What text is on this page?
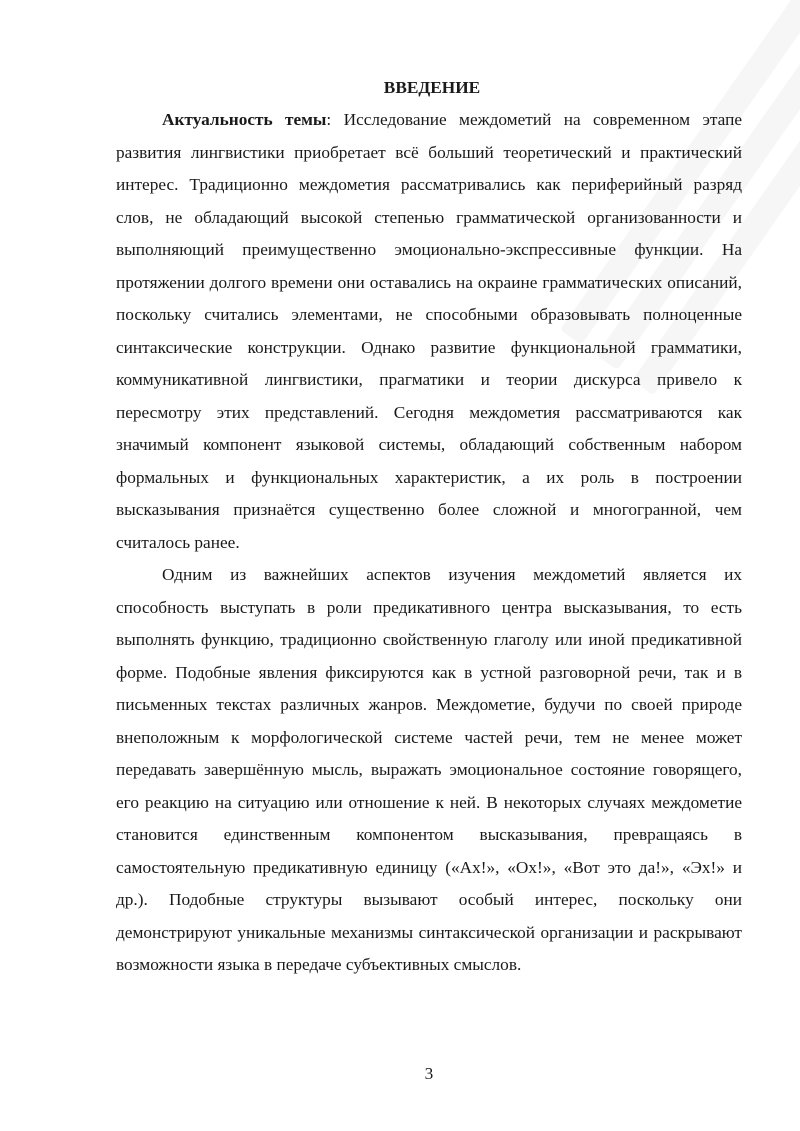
ВВЕДЕНИЕ

Актуальность темы: Исследование междометий на современном этапе развития лингвистики приобретает всё больший теоретический и практический интерес. Традиционно междометия рассматривались как периферийный разряд слов, не обладающий высокой степенью грамматической организованности и выполняющий преимущественно эмоционально-экспрессивные функции. На протяжении долгого времени они оставались на окраине грамматических описаний, поскольку считались элементами, не способными образовывать полноценные синтаксические конструкции. Однако развитие функциональной грамматики, коммуникативной лингвистики, прагматики и теории дискурса привело к пересмотру этих представлений. Сегодня междометия рассматриваются как значимый компонент языковой системы, обладающий собственным набором формальных и функциональных характеристик, а их роль в построении высказывания признаётся существенно более сложной и многогранной, чем считалось ранее.

Одним из важнейших аспектов изучения междометий является их способность выступать в роли предикативного центра высказывания, то есть выполнять функцию, традиционно свойственную глаголу или иной предикативной форме. Подобные явления фиксируются как в устной разговорной речи, так и в письменных текстах различных жанров. Междометие, будучи по своей природе внеположным к морфологической системе частей речи, тем не менее может передавать завершённую мысль, выражать эмоциональное состояние говорящего, его реакцию на ситуацию или отношение к ней. В некоторых случаях междометие становится единственным компонентом высказывания, превращаясь в самостоятельную предикативную единицу («Ах!», «Ох!», «Вот это да!», «Эх!» и др.). Подобные структуры вызывают особый интерес, поскольку они демонстрируют уникальные механизмы синтаксической организации и раскрывают возможности языка в передаче субъективных смыслов.

3
